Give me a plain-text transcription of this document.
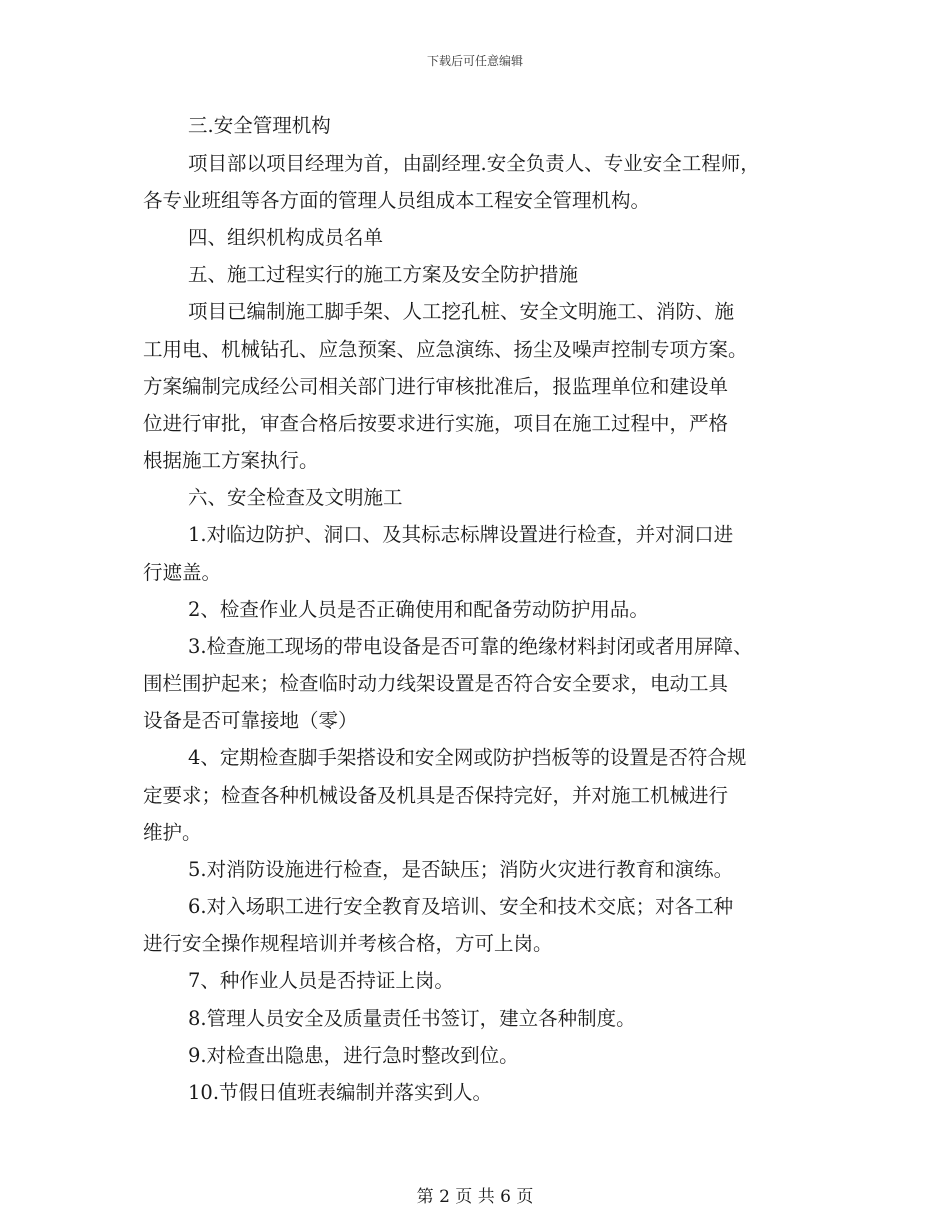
下载后可任意编辑
三.安全管理机构
项目部以项目经理为首，由副经理.安全负责人、专业安全工程师，
各专业班组等各方面的管理人员组成本工程安全管理机构。
四、组织机构成员名单
五、施工过程实行的施工方案及安全防护措施
项目已编制施工脚手架、人工挖孔桩、安全文明施工、消防、施
工用电、机械钻孔、应急预案、应急演练、扬尘及噪声控制专项方案。
方案编制完成经公司相关部门进行审核批准后，报监理单位和建设单
位进行审批，审查合格后按要求进行实施，项目在施工过程中，严格
根据施工方案执行。
六、安全检查及文明施工
1.对临边防护、洞口、及其标志标牌设置进行检查，并对洞口进
行遮盖。
2、检查作业人员是否正确使用和配备劳动防护用品。
3.检查施工现场的带电设备是否可靠的绝缘材料封闭或者用屏障、
围栏围护起来；检查临时动力线架设置是否符合安全要求，电动工具
设备是否可靠接地（零）
4、定期检查脚手架搭设和安全网或防护挡板等的设置是否符合规
定要求；检查各种机械设备及机具是否保持完好，并对施工机械进行
维护。
5.对消防设施进行检查，是否缺压；消防火灾进行教育和演练。
6.对入场职工进行安全教育及培训、安全和技术交底；对各工种
进行安全操作规程培训并考核合格，方可上岗。
7、种作业人员是否持证上岗。
8.管理人员安全及质量责任书签订，建立各种制度。
9.对检查出隐患，进行急时整改到位。
10.节假日值班表编制并落实到人。
第 2 页 共 6 页
